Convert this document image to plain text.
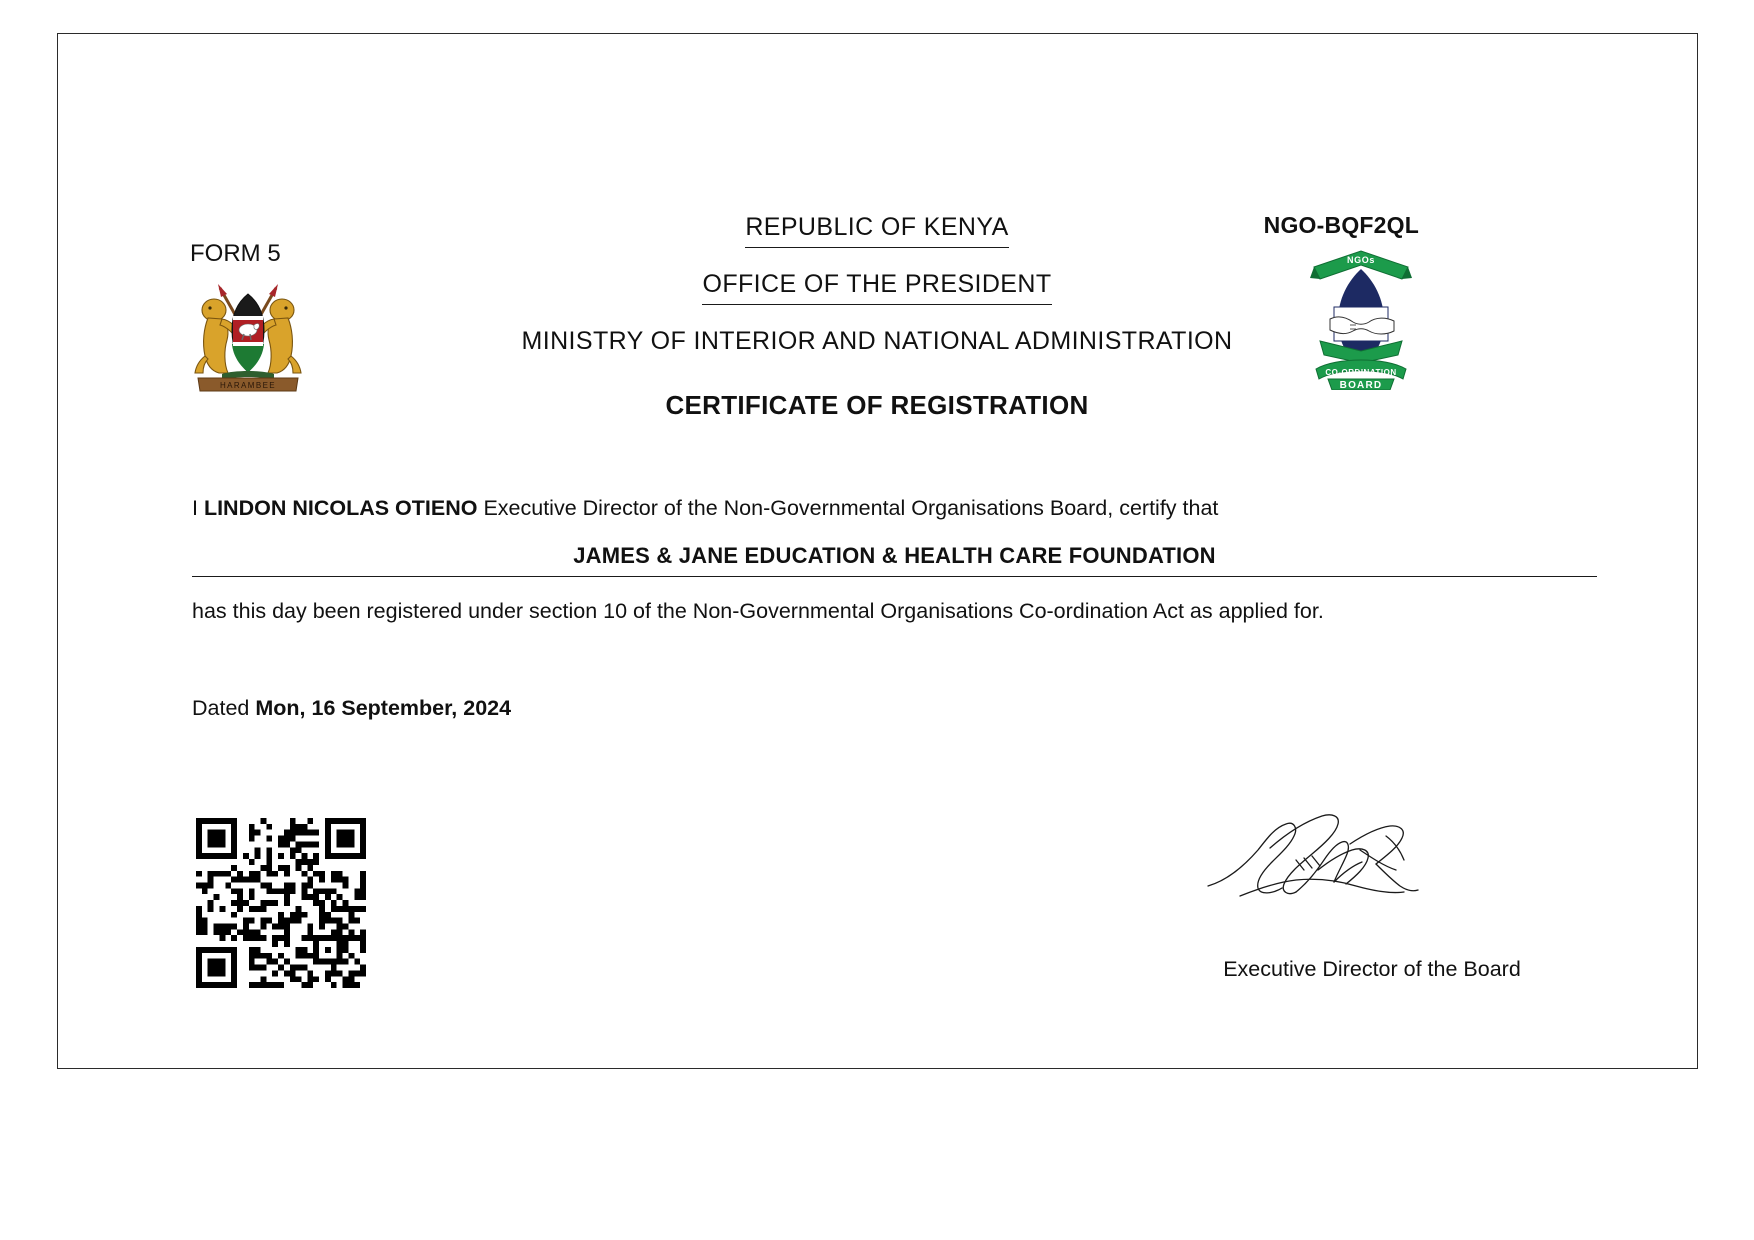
FORM 5
HARAMBEE
REPUBLIC OF KENYA
OFFICE OF THE PRESIDENT
MINISTRY OF INTERIOR AND NATIONAL ADMINISTRATION
CERTIFICATE OF REGISTRATION
NGO-BQF2QL
NGOs
CO-ORDINATION
BOARD
I LINDON NICOLAS OTIENO Executive Director of the Non-Governmental Organisations Board, certify that
JAMES & JANE EDUCATION & HEALTH CARE FOUNDATION
has this day been registered under section 10 of the Non-Governmental Organisations Co-ordination Act as applied for.
Dated Mon, 16 September, 2024
Executive Director of the Board
